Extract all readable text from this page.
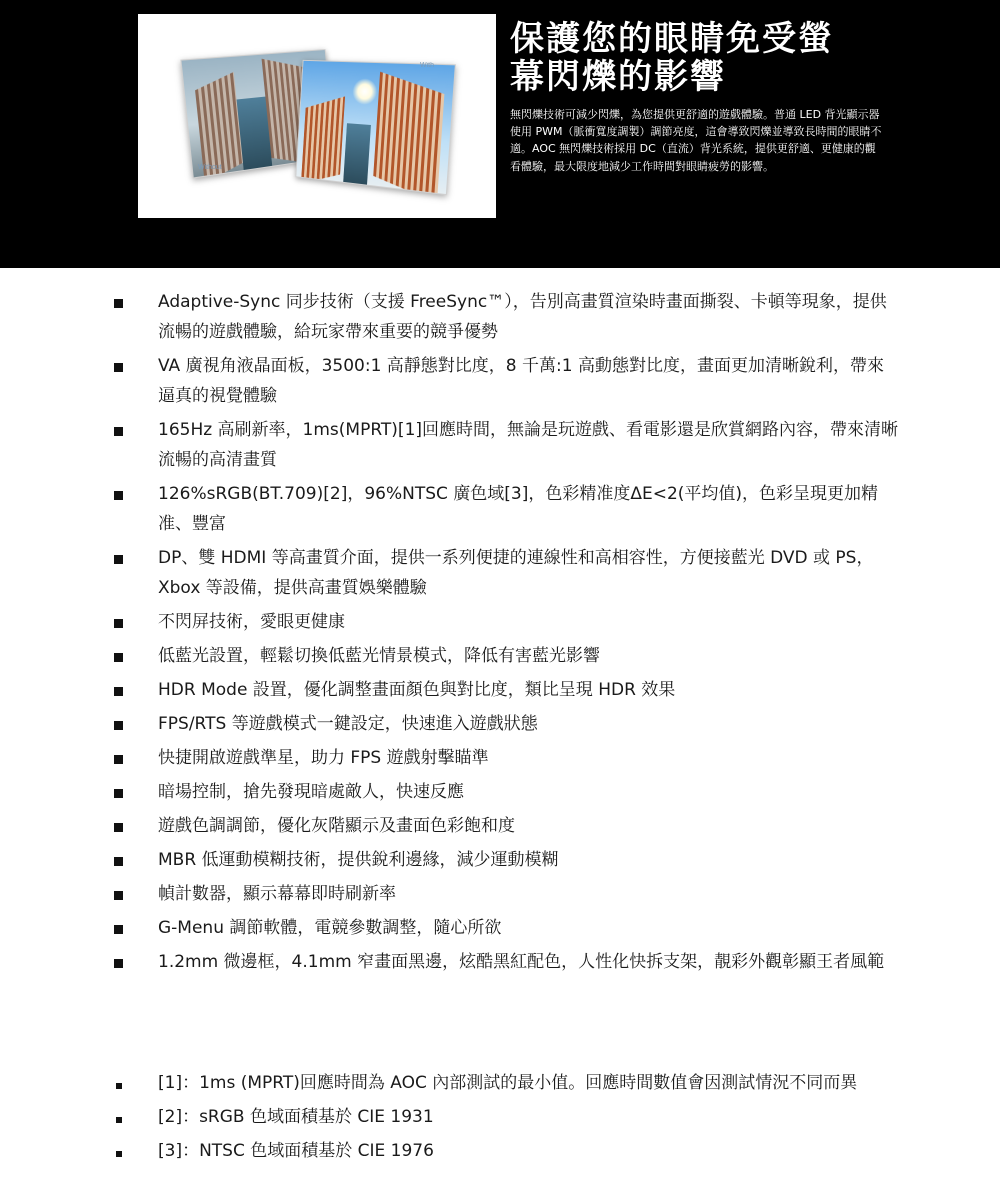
With
Without
保護您的眼睛免受螢
幕閃爍的影響

無閃爍技術可減少閃爍，為您提供更舒適的遊戲體驗。普通 LED 背光顯示器使用 PWM（脈衝寬度調製）調節亮度，這會導致閃爍並導致長時間的眼睛不適。AOC 無閃爍技術採用 DC（直流）背光系統，提供更舒適、更健康的觀看體驗，最大限度地減少工作時間對眼睛疲勞的影響。

Adaptive-Sync 同步技術（支援 FreeSync™），告別高畫質渲染時畫面撕裂、卡頓等現象，提供流暢的遊戲體驗，給玩家帶來重要的競爭優勢
VA 廣視角液晶面板，3500:1 高靜態對比度，8 千萬:1 高動態對比度，畫面更加清晰銳利，帶來逼真的視覺體驗
165Hz 高刷新率，1ms(MPRT)[1]回應時間，無論是玩遊戲、看電影還是欣賞網路內容，帶來清晰流暢的高清畫質
126%sRGB(BT.709)[2]，96%NTSC 廣色域[3]，色彩精准度ΔE<2(平均值)，色彩呈現更加精准、豐富
DP、雙 HDMI 等高畫質介面，提供一系列便捷的連線性和高相容性，方便接藍光 DVD 或 PS，Xbox 等設備，提供高畫質娛樂體驗
不閃屏技術，愛眼更健康
低藍光設置，輕鬆切換低藍光情景模式，降低有害藍光影響
HDR Mode 設置，優化調整畫面顏色與對比度，類比呈現 HDR 效果
FPS/RTS 等遊戲模式一鍵設定，快速進入遊戲狀態
快捷開啟遊戲準星，助力 FPS 遊戲射擊瞄準
暗場控制，搶先發現暗處敵人，快速反應
遊戲色調調節，優化灰階顯示及畫面色彩飽和度
MBR 低運動模糊技術，提供銳利邊緣，減少運動模糊
幀計數器，顯示幕幕即時刷新率
G-Menu 調節軟體，電競參數調整，隨心所欲
1.2mm 微邊框，4.1mm 窄畫面黑邊，炫酷黑紅配色，人性化快拆支架，靚彩外觀彰顯王者風範
[1]：1ms (MPRT)回應時間為 AOC 內部測試的最小值。回應時間數值會因測試情況不同而異
[2]：sRGB 色域面積基於 CIE 1931
[3]：NTSC 色域面積基於 CIE 1976
